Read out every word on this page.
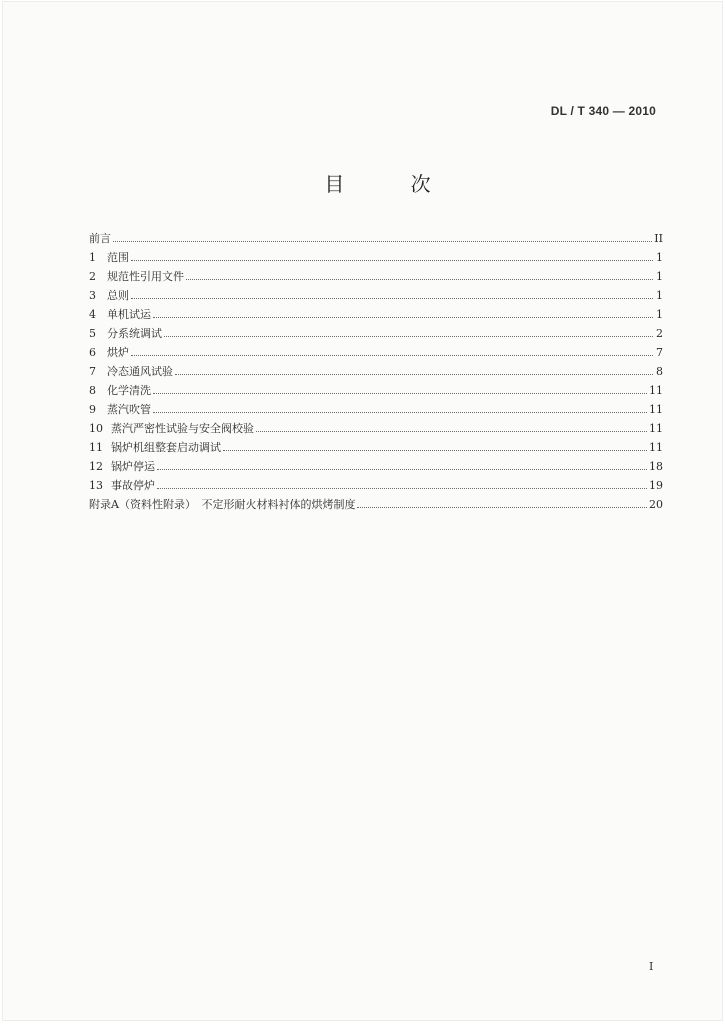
DL / T 340 — 2010
目 次
前言	II
1	范围	1
2	规范性引用文件	1
3	总则	1
4	单机试运	1
5	分系统调试	2
6	烘炉	7
7	冷态通风试验	8
8	化学清洗	11
9	蒸汽吹管	11
10 蒸汽严密性试验与安全阀校验	11
11 锅炉机组整套启动调试	11
12 锅炉停运	18
13 事故停炉	19
附录A（资料性附录）　不定形耐火材料衬体的烘烤制度	20
I
